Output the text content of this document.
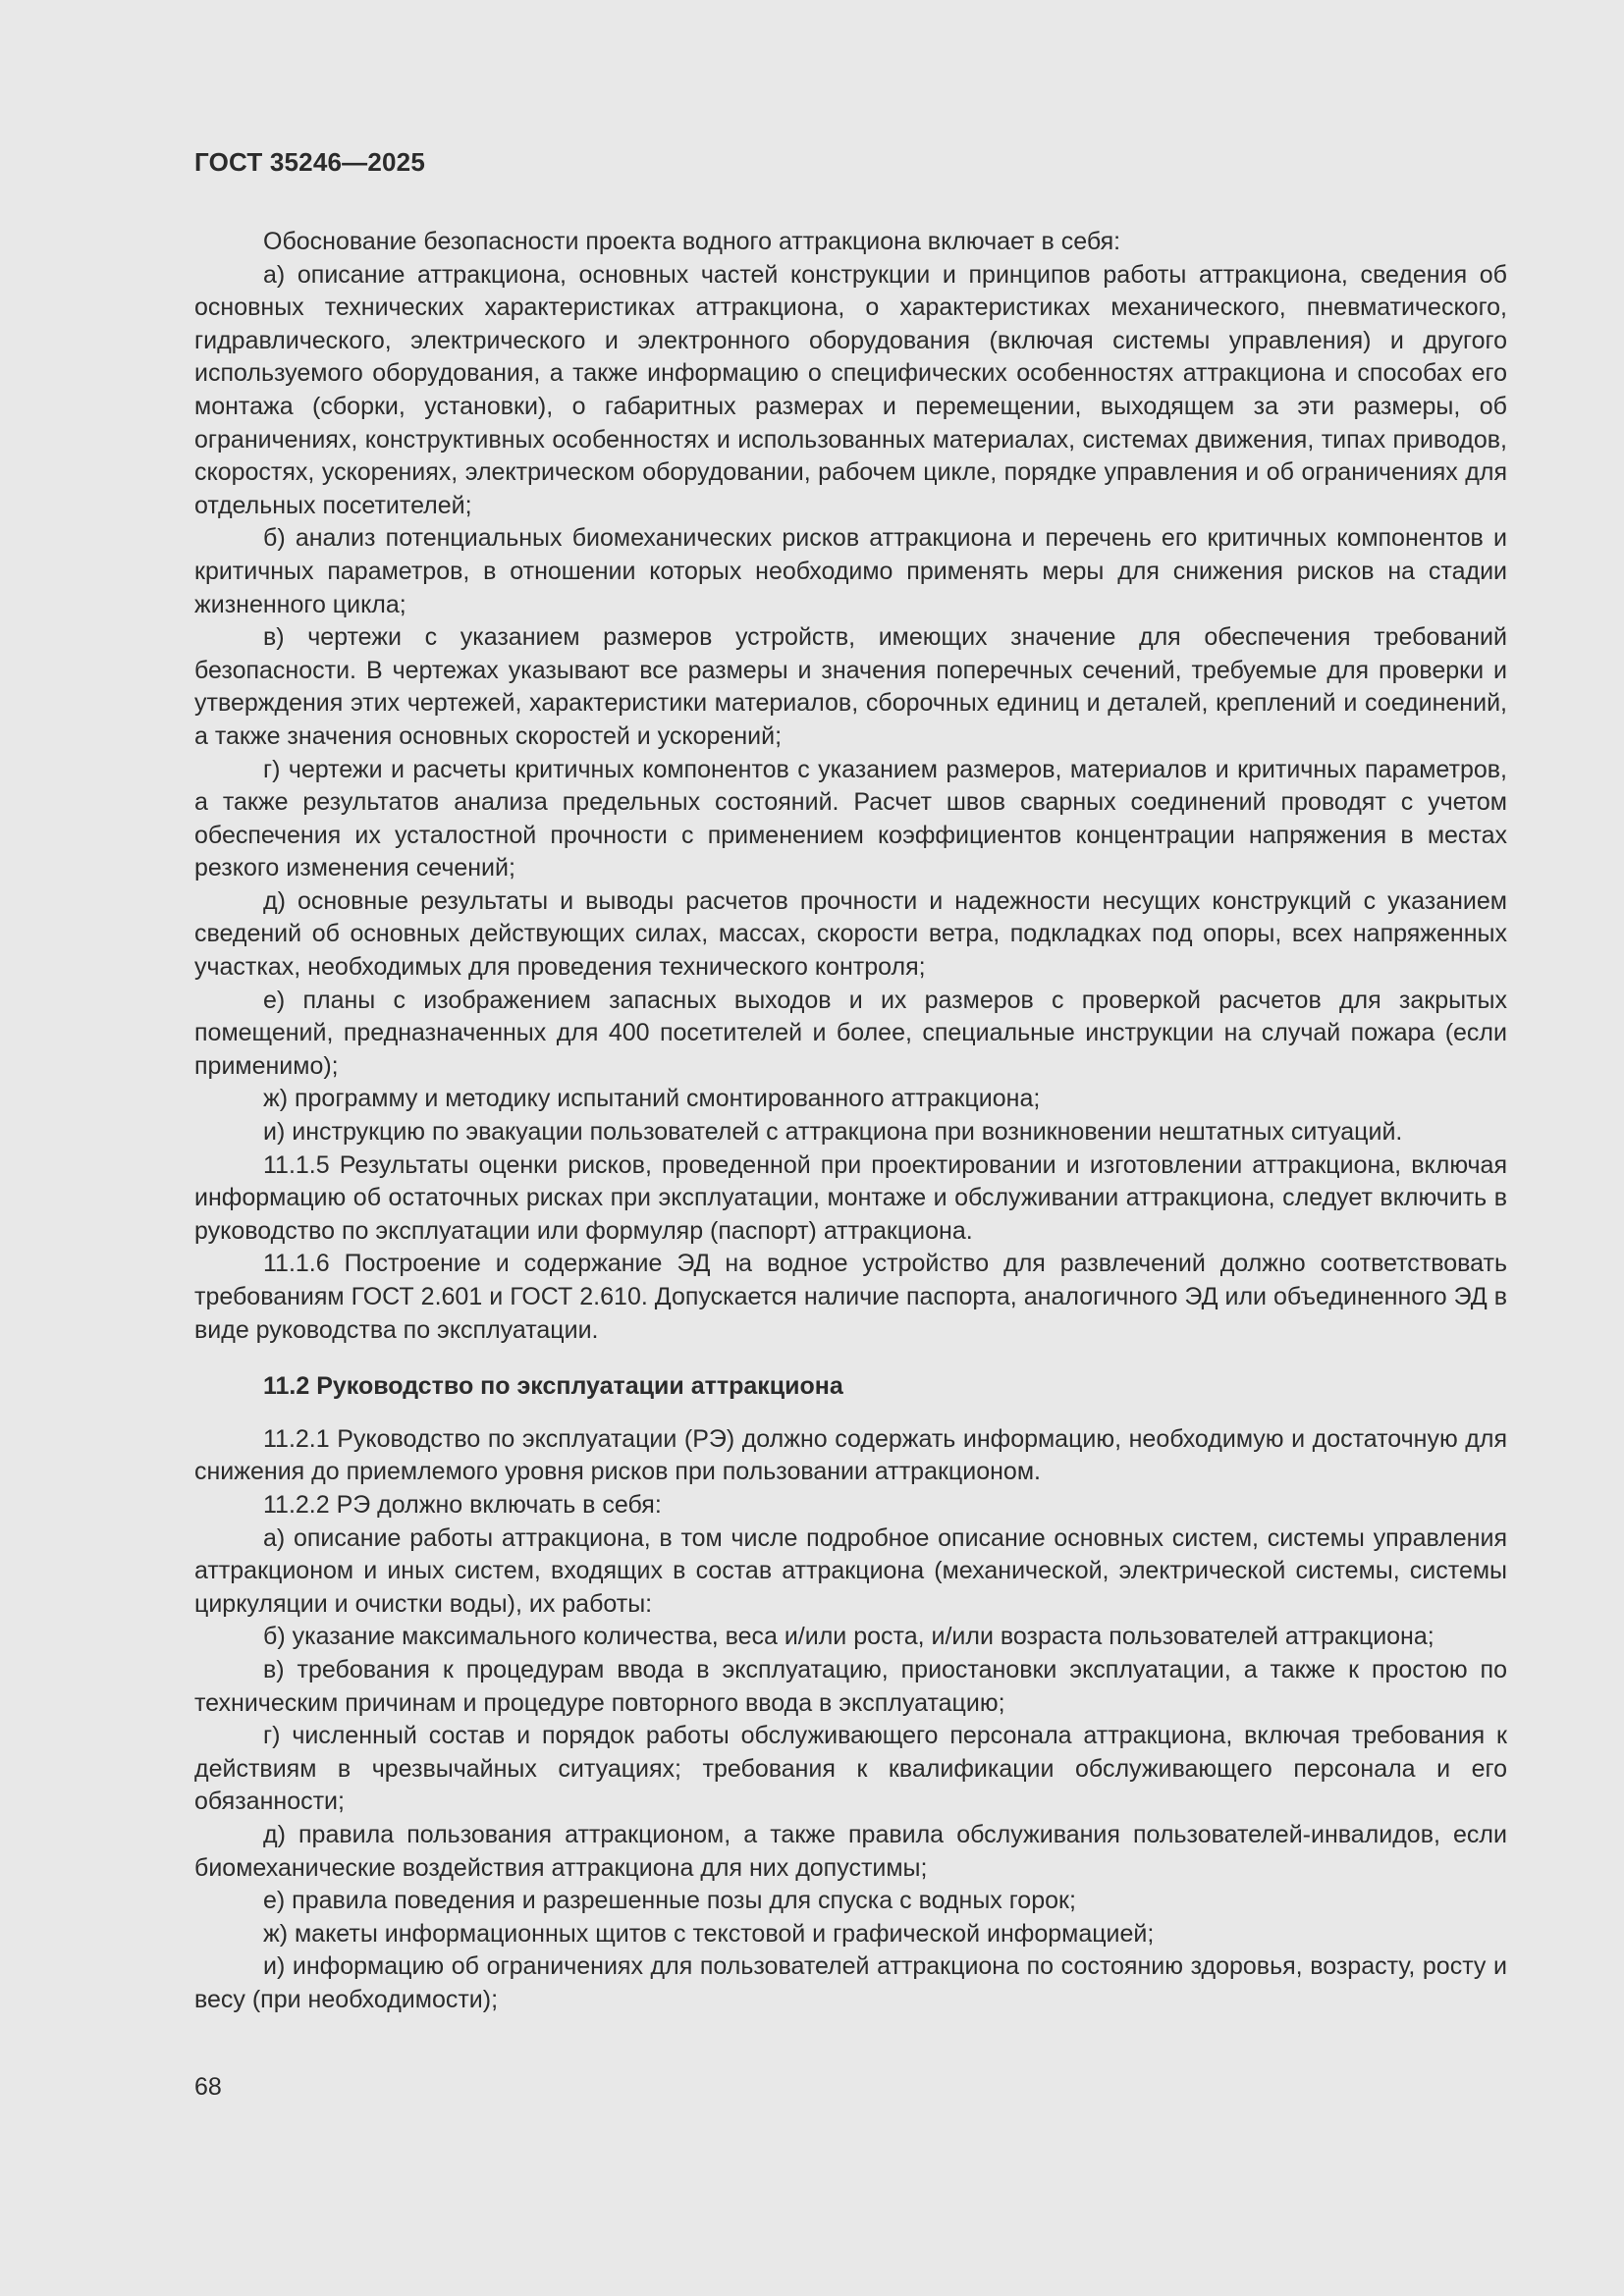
ГОСТ 35246—2025

Обоснование безопасности проекта водного аттракциона включает в себя:

а) описание аттракциона, основных частей конструкции и принципов работы аттракциона, сведения об основных технических характеристиках аттракциона, о характеристиках механического, пневматического, гидравлического, электрического и электронного оборудования (включая системы управления) и другого используемого оборудования, а также информацию о специфических особенностях аттракциона и способах его монтажа (сборки, установки), о габаритных размерах и перемещении, выходящем за эти размеры, об ограничениях, конструктивных особенностях и использованных материалах, системах движения, типах приводов, скоростях, ускорениях, электрическом оборудовании, рабочем цикле, порядке управления и об ограничениях для отдельных посетителей;

б) анализ потенциальных биомеханических рисков аттракциона и перечень его критичных компонентов и критичных параметров, в отношении которых необходимо применять меры для снижения рисков на стадии жизненного цикла;

в) чертежи с указанием размеров устройств, имеющих значение для обеспечения требований безопасности. В чертежах указывают все размеры и значения поперечных сечений, требуемые для проверки и утверждения этих чертежей, характеристики материалов, сборочных единиц и деталей, креплений и соединений, а также значения основных скоростей и ускорений;

г) чертежи и расчеты критичных компонентов с указанием размеров, материалов и критичных параметров, а также результатов анализа предельных состояний. Расчет швов сварных соединений проводят с учетом обеспечения их усталостной прочности с применением коэффициентов концентрации напряжения в местах резкого изменения сечений;

д) основные результаты и выводы расчетов прочности и надежности несущих конструкций с указанием сведений об основных действующих силах, массах, скорости ветра, подкладках под опоры, всех напряженных участках, необходимых для проведения технического контроля;

е) планы с изображением запасных выходов и их размеров с проверкой расчетов для закрытых помещений, предназначенных для 400 посетителей и более, специальные инструкции на случай пожара (если применимо);

ж) программу и методику испытаний смонтированного аттракциона;

и) инструкцию по эвакуации пользователей с аттракциона при возникновении нештатных ситуаций.

11.1.5 Результаты оценки рисков, проведенной при проектировании и изготовлении аттракциона, включая информацию об остаточных рисках при эксплуатации, монтаже и обслуживании аттракциона, следует включить в руководство по эксплуатации или формуляр (паспорт) аттракциона.

11.1.6 Построение и содержание ЭД на водное устройство для развлечений должно соответствовать требованиям ГОСТ 2.601 и ГОСТ 2.610. Допускается наличие паспорта, аналогичного ЭД или объединенного ЭД в виде руководства по эксплуатации.

11.2 Руководство по эксплуатации аттракциона

11.2.1 Руководство по эксплуатации (РЭ) должно содержать информацию, необходимую и достаточную для снижения до приемлемого уровня рисков при пользовании аттракционом.

11.2.2 РЭ должно включать в себя:

а) описание работы аттракциона, в том числе подробное описание основных систем, системы управления аттракционом и иных систем, входящих в состав аттракциона (механической, электрической системы, системы циркуляции и очистки воды), их работы:

б) указание максимального количества, веса и/или роста, и/или возраста пользователей аттракциона;

в) требования к процедурам ввода в эксплуатацию, приостановки эксплуатации, а также к простою по техническим причинам и процедуре повторного ввода в эксплуатацию;

г) численный состав и порядок работы обслуживающего персонала аттракциона, включая требования к действиям в чрезвычайных ситуациях; требования к квалификации обслуживающего персонала и его обязанности;

д) правила пользования аттракционом, а также правила обслуживания пользователей-инвалидов, если биомеханические воздействия аттракциона для них допустимы;

е) правила поведения и разрешенные позы для спуска с водных горок;

ж) макеты информационных щитов с текстовой и графической информацией;

и) информацию об ограничениях для пользователей аттракциона по состоянию здоровья, возрасту, росту и весу (при необходимости);

68
